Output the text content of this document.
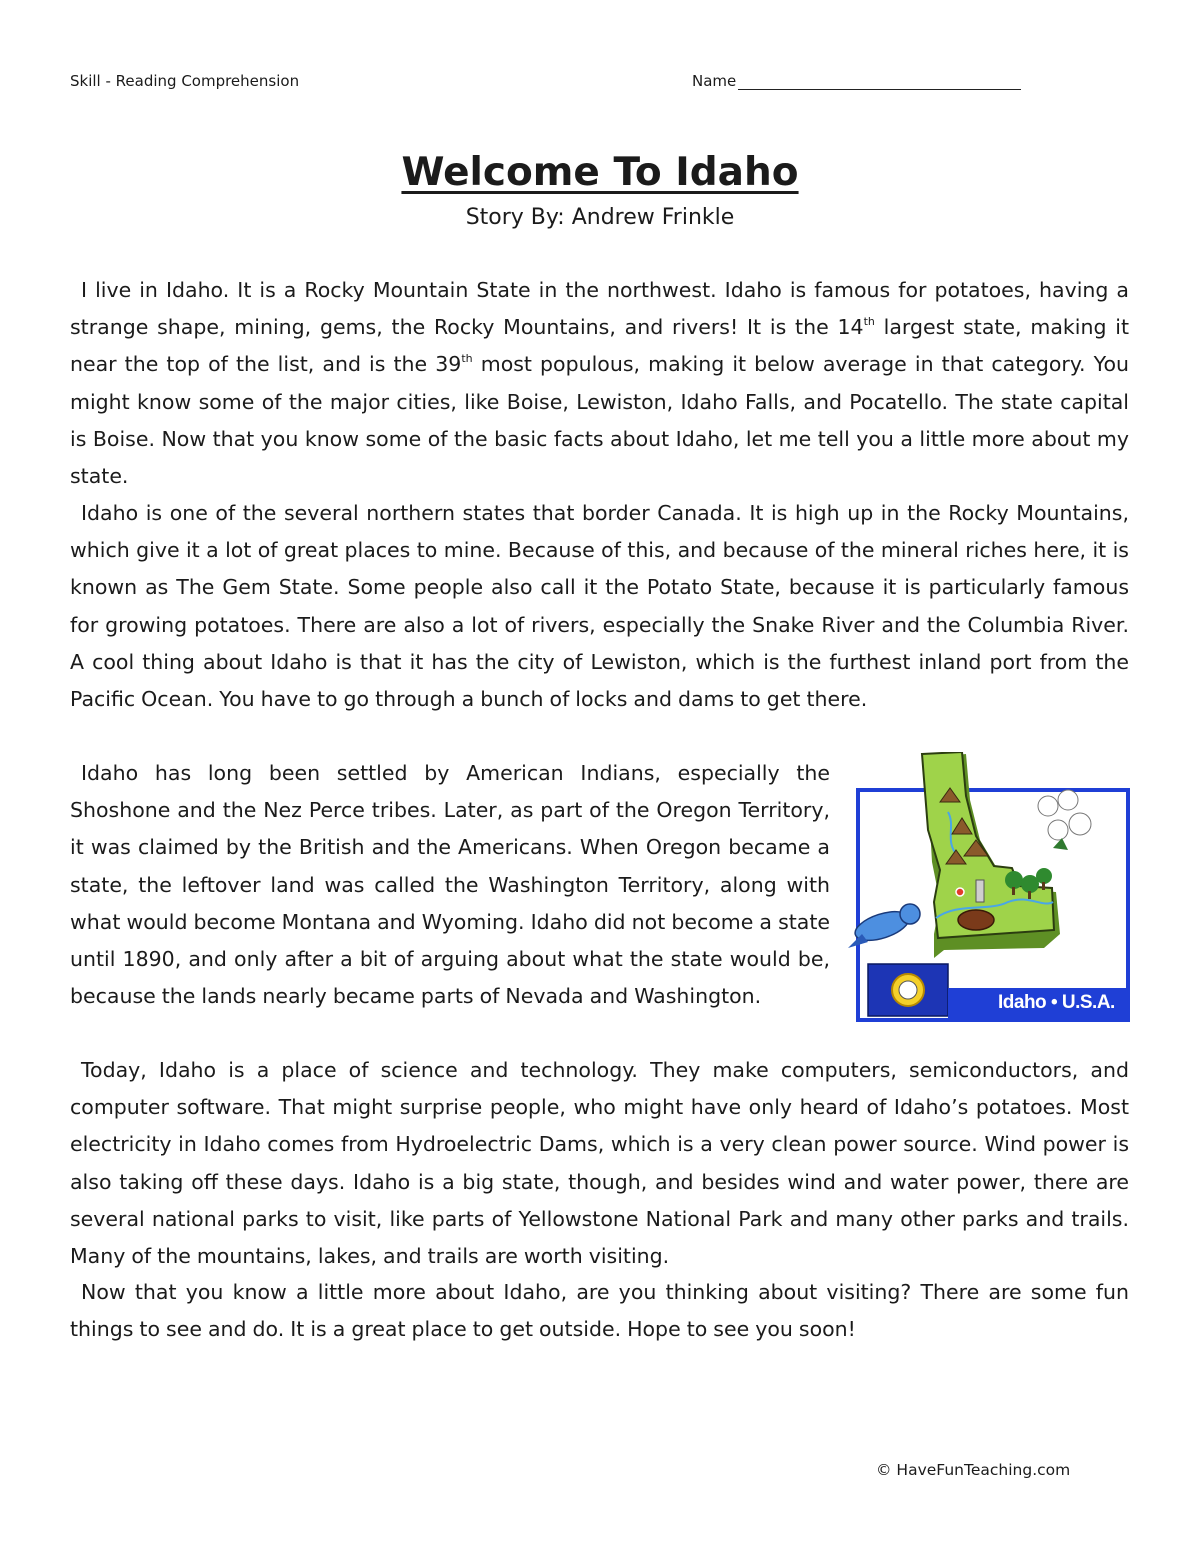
Skill - Reading Comprehension	Name
Welcome To Idaho
Story By: Andrew Frinkle

I live in Idaho. It is a Rocky Mountain State in the northwest. Idaho is famous for potatoes, having a strange shape, mining, gems, the Rocky Mountains, and rivers! It is the 14th largest state, making it near the top of the list, and is the 39th most populous, making it below average in that category. You might know some of the major cities, like Boise, Lewiston, Idaho Falls, and Pocatello. The state capital is Boise. Now that you know some of the basic facts about Idaho, let me tell you a little more about my state.

Idaho is one of the several northern states that border Canada. It is high up in the Rocky Mountains, which give it a lot of great places to mine. Because of this, and because of the mineral riches here, it is known as The Gem State. Some people also call it the Potato State, because it is particularly famous for growing potatoes. There are also a lot of rivers, especially the Snake River and the Columbia River. A cool thing about Idaho is that it has the city of Lewiston, which is the furthest inland port from the Pacific Ocean. You have to go through a bunch of locks and dams to get there.

Idaho has long been settled by American Indians, especially the Shoshone and the Nez Perce tribes. Later, as part of the Oregon Territory, it was claimed by the British and the Americans. When Oregon became a state, the leftover land was called the Washington Territory, along with what would become Montana and Wyoming. Idaho did not become a state until 1890, and only after a bit of arguing about what the state would be, because the lands nearly became parts of Nevada and Washington.	Idaho • U.S.A.

Today, Idaho is a place of science and technology. They make computers, semiconductors, and computer software. That might surprise people, who might have only heard of Idaho’s potatoes. Most electricity in Idaho comes from Hydroelectric Dams, which is a very clean power source. Wind power is also taking off these days. Idaho is a big state, though, and besides wind and water power, there are several national parks to visit, like parts of Yellowstone National Park and many other parks and trails. Many of the mountains, lakes, and trails are worth visiting.

Now that you know a little more about Idaho, are you thinking about visiting? There are some fun things to see and do. It is a great place to get outside. Hope to see you soon!

© HaveFunTeaching.com
